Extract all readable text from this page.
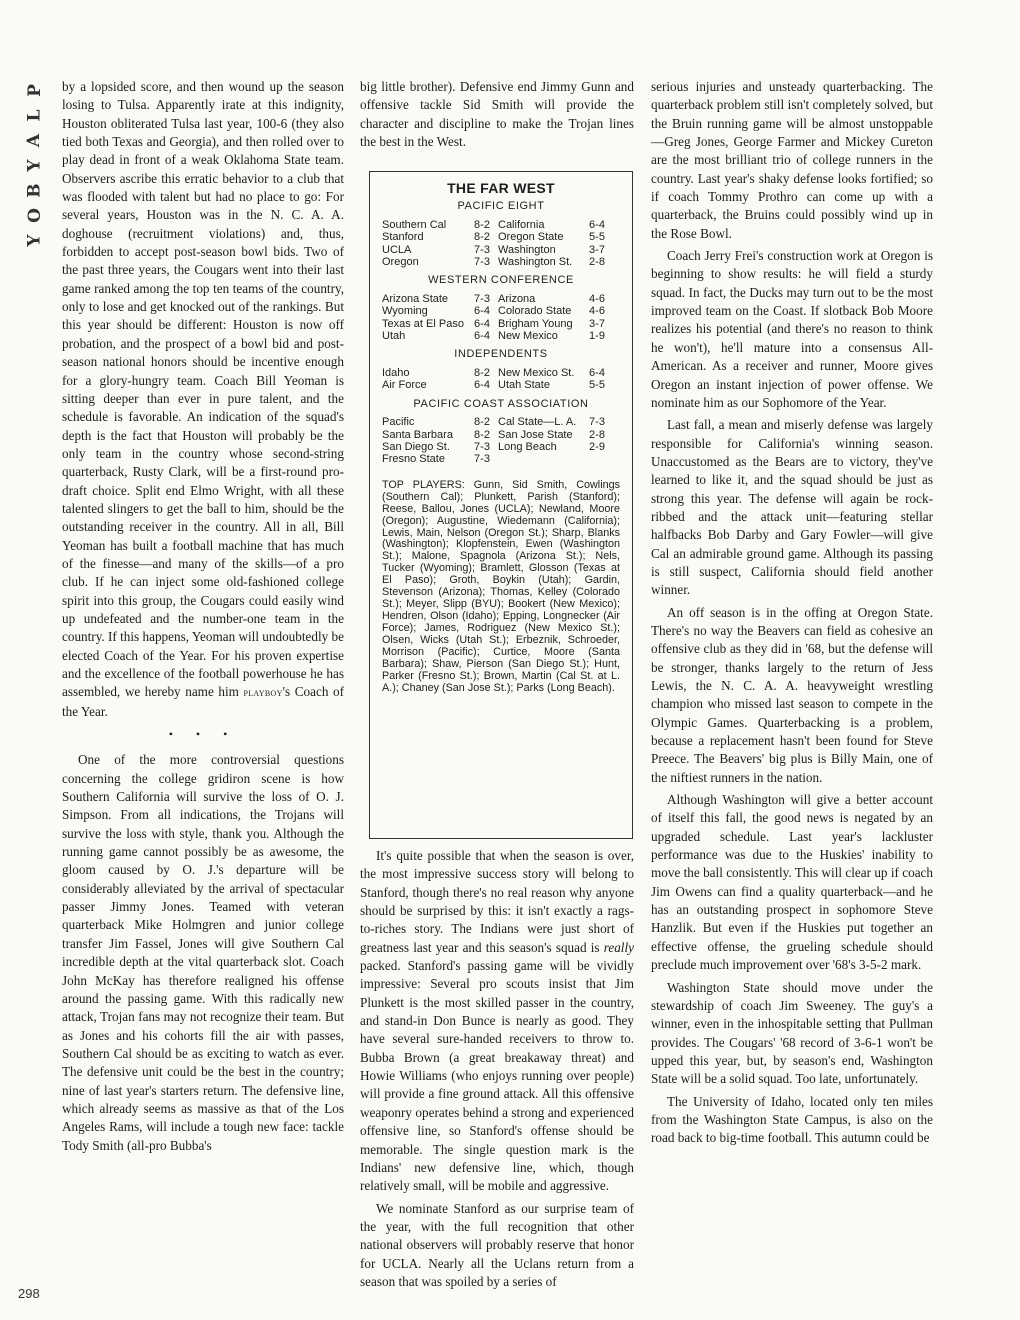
P
L
A
Y
B
O
Y
298

by a lopsided score, and then wound up the season losing to Tulsa. Apparently irate at this indignity, Houston obliterated Tulsa last year, 100-6 (they also tied both Texas and Georgia), and then rolled over to play dead in front of a weak Oklahoma State team. Observers ascribe this erratic behavior to a club that was flooded with talent but had no place to go: For several years, Houston was in the N. C. A. A. doghouse (recruitment violations) and, thus, forbidden to accept post-season bowl bids. Two of the past three years, the Cougars went into their last game ranked among the top ten teams of the country, only to lose and get knocked out of the rankings. But this year should be different: Houston is now off probation, and the prospect of a bowl bid and post-season national honors should be incentive enough for a glory-hungry team. Coach Bill Yeoman is sitting deeper than ever in pure talent, and the schedule is favorable. An indication of the squad's depth is the fact that Houston will probably be the only team in the country whose second-string quarterback, Rusty Clark, will be a first-round pro-draft choice. Split end Elmo Wright, with all these talented slingers to get the ball to him, should be the outstanding receiver in the country. All in all, Bill Yeoman has built a football machine that has much of the finesse—and many of the skills—of a pro club. If he can inject some old-fashioned college spirit into this group, the Cougars could easily wind up undefeated and the number-one team in the country. If this happens, Yeoman will undoubtedly be elected Coach of the Year. For his proven expertise and the excellence of the football powerhouse he has assembled, we hereby name him playboy's Coach of the Year.

• • •

One of the more controversial questions concerning the college gridiron scene is how Southern California will survive the loss of O. J. Simpson. From all indications, the Trojans will survive the loss with style, thank you. Although the running game cannot possibly be as awesome, the gloom caused by O. J.'s departure will be considerably alleviated by the arrival of spectacular passer Jimmy Jones. Teamed with veteran quarterback Mike Holmgren and junior college transfer Jim Fassel, Jones will give Southern Cal incredible depth at the vital quarterback slot. Coach John McKay has therefore realigned his offense around the passing game. With this radically new attack, Trojan fans may not recognize their team. But as Jones and his cohorts fill the air with passes, Southern Cal should be as exciting to watch as ever. The defensive unit could be the best in the country; nine of last year's starters return. The defensive line, which already seems as massive as that of the Los Angeles Rams, will include a tough new face: tackle Tody Smith (all-pro Bubba's

big little brother). Defensive end Jimmy Gunn and offensive tackle Sid Smith will provide the character and discipline to make the Trojan lines the best in the West.

THE FAR WEST
PACIFIC EIGHT
Southern Cal	8-2 California	6-4
Stanford	8-2 Oregon State	5-5
UCLA	7-3 Washington	3-7
Oregon	7-3 Washington St.	2-8
WESTERN CONFERENCE
Arizona State	7-3 Arizona	4-6
Wyoming	6-4 Colorado State	4-6
Texas at El Paso 6-4 Brigham Young	3-7
Utah	6-4 New Mexico	1-9
INDEPENDENTS
Idaho	8-2 New Mexico St.	6-4
Air Force	6-4 Utah State	5-5
PACIFIC COAST ASSOCIATION
Pacific	8-2 Cal State—L. A.	7-3
Santa Barbara	8-2 San Jose State	2-8
San Diego St.	7-3 Long Beach	2-9
Fresno State	7-3
TOP PLAYERS: Gunn, Sid Smith, Cowlings (Southern Cal); Plunkett, Parish (Stanford); Reese, Ballou, Jones (UCLA); Newland, Moore (Oregon); Augustine, Wiedemann (California); Lewis, Main, Nelson (Oregon St.); Sharp, Blanks (Washington); Klopfenstein, Ewen (Washington St.); Malone, Spagnola (Arizona St.); Nels, Tucker (Wyoming); Bramlett, Glosson (Texas at El Paso); Groth, Boykin (Utah); Gardin, Stevenson (Arizona); Thomas, Kelley (Colorado St.); Meyer, Slipp (BYU); Bookert (New Mexico); Hendren, Olson (Idaho); Epping, Longnecker (Air Force); James, Rodriguez (New Mexico St.); Olsen, Wicks (Utah St.); Erbeznik, Schroeder, Morrison (Pacific); Curtice, Moore (Santa Barbara); Shaw, Pierson (San Diego St.); Hunt, Parker (Fresno St.); Brown, Martin (Cal St. at L. A.); Chaney (San Jose St.); Parks (Long Beach).

It's quite possible that when the season is over, the most impressive success story will belong to Stanford, though there's no real reason why anyone should be surprised by this: it isn't exactly a rags-to-riches story. The Indians were just short of greatness last year and this season's squad is really packed. Stanford's passing game will be vividly impressive: Several pro scouts insist that Jim Plunkett is the most skilled passer in the country, and stand-in Don Bunce is nearly as good. They have several sure-handed receivers to throw to. Bubba Brown (a great breakaway threat) and Howie Williams (who enjoys running over people) will provide a fine ground attack. All this offensive weaponry operates behind a strong and experienced offensive line, so Stanford's offense should be memorable. The single question mark is the Indians' new defensive line, which, though relatively small, will be mobile and aggressive.

We nominate Stanford as our surprise team of the year, with the full recognition that other national observers will probably reserve that honor for UCLA. Nearly all the Uclans return from a season that was spoiled by a series of

serious injuries and unsteady quarterbacking. The quarterback problem still isn't completely solved, but the Bruin running game will be almost unstoppable—Greg Jones, George Farmer and Mickey Cureton are the most brilliant trio of college runners in the country. Last year's shaky defense looks fortified; so if coach Tommy Prothro can come up with a quarterback, the Bruins could possibly wind up in the Rose Bowl.

Coach Jerry Frei's construction work at Oregon is beginning to show results: he will field a sturdy squad. In fact, the Ducks may turn out to be the most improved team on the Coast. If slotback Bob Moore realizes his potential (and there's no reason to think he won't), he'll mature into a consensus All-American. As a receiver and runner, Moore gives Oregon an instant injection of power offense. We nominate him as our Sophomore of the Year.

Last fall, a mean and miserly defense was largely responsible for California's winning season. Unaccustomed as the Bears are to victory, they've learned to like it, and the squad should be just as strong this year. The defense will again be rock-ribbed and the attack unit—featuring stellar halfbacks Bob Darby and Gary Fowler—will give Cal an admirable ground game. Although its passing is still suspect, California should field another winner.

An off season is in the offing at Oregon State. There's no way the Beavers can field as cohesive an offensive club as they did in '68, but the defense will be stronger, thanks largely to the return of Jess Lewis, the N. C. A. A. heavyweight wrestling champion who missed last season to compete in the Olympic Games. Quarterbacking is a problem, because a replacement hasn't been found for Steve Preece. The Beavers' big plus is Billy Main, one of the niftiest runners in the nation.

Although Washington will give a better account of itself this fall, the good news is negated by an upgraded schedule. Last year's lackluster performance was due to the Huskies' inability to move the ball consistently. This will clear up if coach Jim Owens can find a quality quarterback—and he has an outstanding prospect in sophomore Steve Hanzlik. But even if the Huskies put together an effective offense, the grueling schedule should preclude much improvement over '68's 3-5-2 mark.

Washington State should move under the stewardship of coach Jim Sweeney. The guy's a winner, even in the inhospitable setting that Pullman provides. The Cougars' '68 record of 3-6-1 won't be upped this year, but, by season's end, Washington State will be a solid squad. Too late, unfortunately.

The University of Idaho, located only ten miles from the Washington State Campus, is also on the road back to big-time football. This autumn could be
